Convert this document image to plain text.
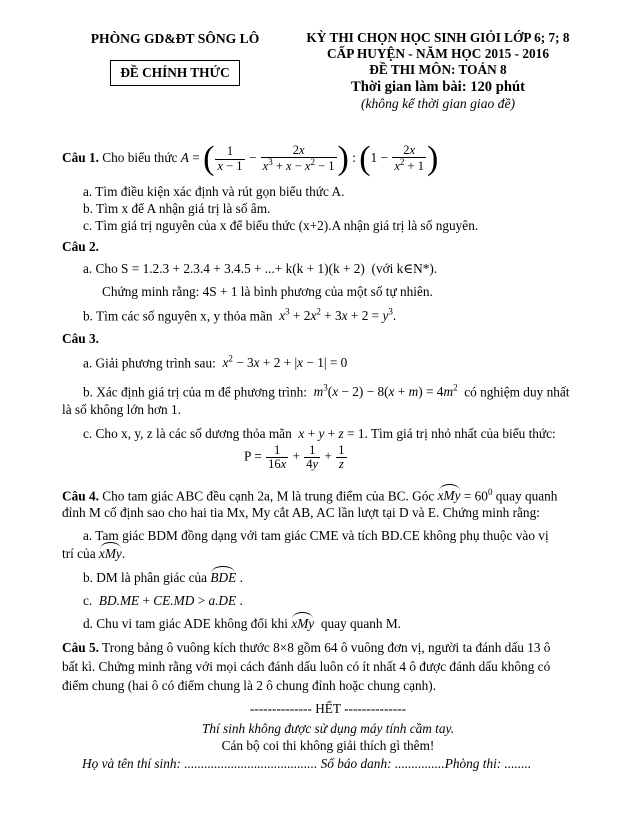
PHÒNG GD&ĐT SÔNG LÔ
ĐỀ CHÍNH THỨC
KỲ THI CHỌN HỌC SINH GIỎI LỚP 6; 7; 8
CẤP HUYỆN - NĂM HỌC 2015 - 2016
ĐỀ THI MÔN: TOÁN 8
Thời gian làm bài: 120 phút
(không kể thời gian giao đề)
Câu 1. Cho biểu thức A = ( $\frac{1}{x - 1} - \frac{2x}{x^3 + x - x^2 - 1}$ ) : ($1 - \frac{2x}{x^2 + 1}$ )
a. Tìm điều kiện xác định và rút gọn biểu thức A.
b. Tìm x để A nhận giá trị là số âm.
c. Tìm giá trị nguyên của x để biểu thức (x+2).A nhận giá trị là số nguyên.
Câu 2.
a. Cho S = 1.2.3 + 2.3.4 + 3.4.5 + ...+ k(k + 1)(k + 2) (với k∈N*).
Chứng minh rằng: 4S + 1 là bình phương của một số tự nhiên.
b. Tìm các số nguyên x, y thỏa mãn $x^3 + 2x^2 + 3x + 2 = y^3$.
Câu 3.
a. Giải phương trình sau: $x^2 - 3x + 2 + |x - 1| = 0$
b. Xác định giá trị của m để phương trình: $m^3(x - 2) - 8(x + m) = 4m^2$ có nghiệm duy nhất
là số không lớn hơn 1.
c. Cho x, y, z là các số dương thỏa mãn x + y + z = 1. Tìm giá trị nhỏ nhất của biểu thức:
$P = \frac{1}{16x} + \frac{1}{4y} + \frac{1}{z}$
Câu 4. Cho tam giác ABC đều cạnh 2a, M là trung điểm của BC. Góc xMy = $60^0$ quay quanh
đỉnh M cố định sao cho hai tia Mx, My cắt AB, AC lần lượt tại D và E. Chứng minh rằng:
a. Tam giác BDM đồng dạng với tam giác CME và tích BD.CE không phụ thuộc vào vị
trí của xMy.
b. DM là phân giác của BDE .
c. BD.ME + CE.MD > a.DE .
d. Chu vi tam giác ADE không đổi khi xMy quay quanh M.
Câu 5. Trong bảng ô vuông kích thước 8×8 gồm 64 ô vuông đơn vị, người ta đánh dấu 13 ô
bất kì. Chứng minh rằng với mọi cách đánh dấu luôn có ít nhất 4 ô được đánh dấu không có
điểm chung (hai ô có điểm chung là 2 ô chung đỉnh hoặc chung cạnh).
-------------- HẾT --------------
Thí sinh không được sử dụng máy tính cầm tay.
Cán bộ coi thi không giải thích gì thêm!
Họ và tên thí sinh: ........................................ Số báo danh: ...............Phòng thi: ........
